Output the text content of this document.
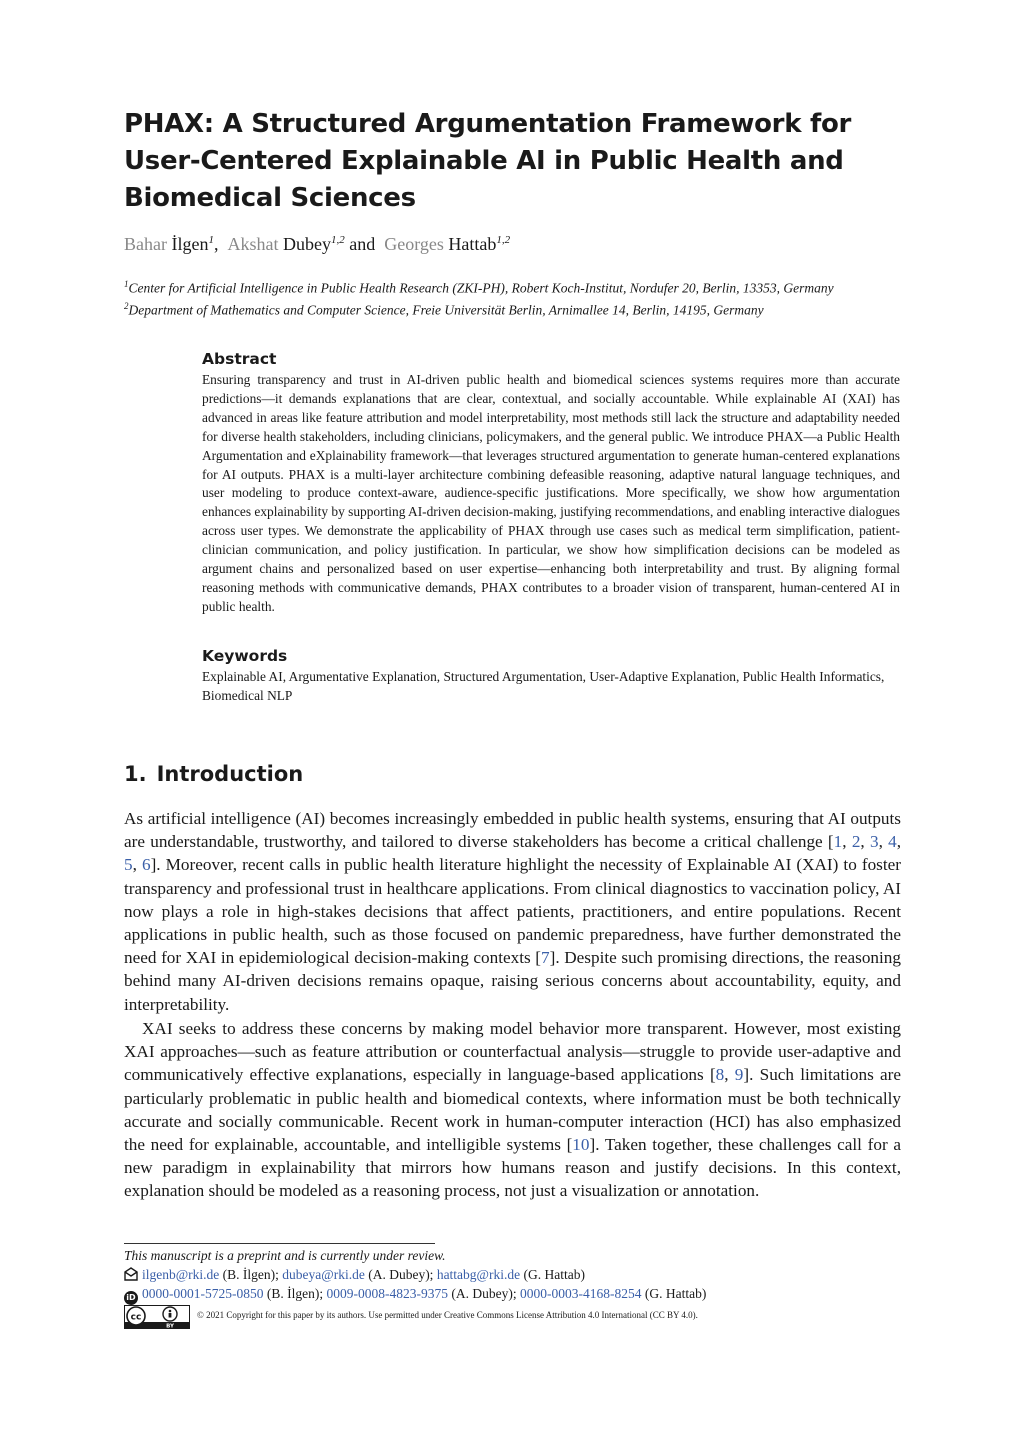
PHAX: A Structured Argumentation Framework for User-Centered Explainable AI in Public Health and Biomedical Sciences
Bahar İlgen$^1$, Akshat Dubey$^{1,2}$ and Georges Hattab$^{1,2}$
$^1$Center for Artificial Intelligence in Public Health Research (ZKI-PH), Robert Koch-Institut, Nordufer 20, Berlin, 13353, Germany
$^2$Department of Mathematics and Computer Science, Freie Universität Berlin, Arnimallee 14, Berlin, 14195, Germany
Abstract

Ensuring transparency and trust in AI-driven public health and biomedical sciences systems requires more than accurate predictions—it demands explanations that are clear, contextual, and socially accountable. While explainable AI (XAI) has advanced in areas like feature attribution and model interpretability, most methods still lack the structure and adaptability needed for diverse health stakeholders, including clinicians, policymakers, and the general public. We introduce PHAX—a Public Health Argumentation and eXplainability framework—that leverages structured argumentation to generate human-centered explanations for AI outputs. PHAX is a multi-layer architecture combining defeasible reasoning, adaptive natural language techniques, and user modeling to produce context-aware, audience-specific justifications. More specifically, we show how argumentation enhances explainability by supporting AI-driven decision-making, justifying recommendations, and enabling interactive dialogues across user types. We demonstrate the applicability of PHAX through use cases such as medical term simplification, patient-clinician communication, and policy justification. In particular, we show how simplification decisions can be modeled as argument chains and personalized based on user expertise—enhancing both interpretability and trust. By aligning formal reasoning methods with communicative demands, PHAX contributes to a broader vision of transparent, human-centered AI in public health.

Keywords

Explainable AI, Argumentative Explanation, Structured Argumentation, User-Adaptive Explanation, Public Health Informatics, Biomedical NLP

1. Introduction

As artificial intelligence (AI) becomes increasingly embedded in public health systems, ensuring that AI outputs are understandable, trustworthy, and tailored to diverse stakeholders has become a critical challenge [1, 2, 3, 4, 5, 6]. Moreover, recent calls in public health literature highlight the necessity of Explainable AI (XAI) to foster transparency and professional trust in healthcare applications. From clinical diagnostics to vaccination policy, AI now plays a role in high-stakes decisions that affect patients, practitioners, and entire populations. Recent applications in public health, such as those focused on pandemic preparedness, have further demonstrated the need for XAI in epidemiological decision-making contexts [7]. Despite such promising directions, the reasoning behind many AI-driven decisions remains opaque, raising serious concerns about accountability, equity, and interpretability.

XAI seeks to address these concerns by making model behavior more transparent. However, most existing XAI approaches—such as feature attribution or counterfactual analysis—struggle to provide user-adaptive and communicatively effective explanations, especially in language-based applications [8, 9]. Such limitations are particularly problematic in public health and biomedical contexts, where information must be both technically accurate and socially communicable. Recent work in human-computer interaction (HCI) has also emphasized the need for explainable, accountable, and intelligible systems [10]. Taken together, these challenges call for a new paradigm in explainability that mirrors how humans reason and justify decisions. In this context, explanation should be modeled as a reasoning process, not just a visualization or annotation.

This manuscript is a preprint and is currently under review.
ilgenb@rki.de (B. İlgen); dubeya@rki.de (A. Dubey); hattabg@rki.de (G. Hattab)
iD 0000-0001-5725-0850 (B. İlgen); 0009-0008-4823-9375 (A. Dubey); 0000-0003-4168-8254 (G. Hattab)
cc
BY
© 2021 Copyright for this paper by its authors. Use permitted under Creative Commons License Attribution 4.0 International (CC BY 4.0).
